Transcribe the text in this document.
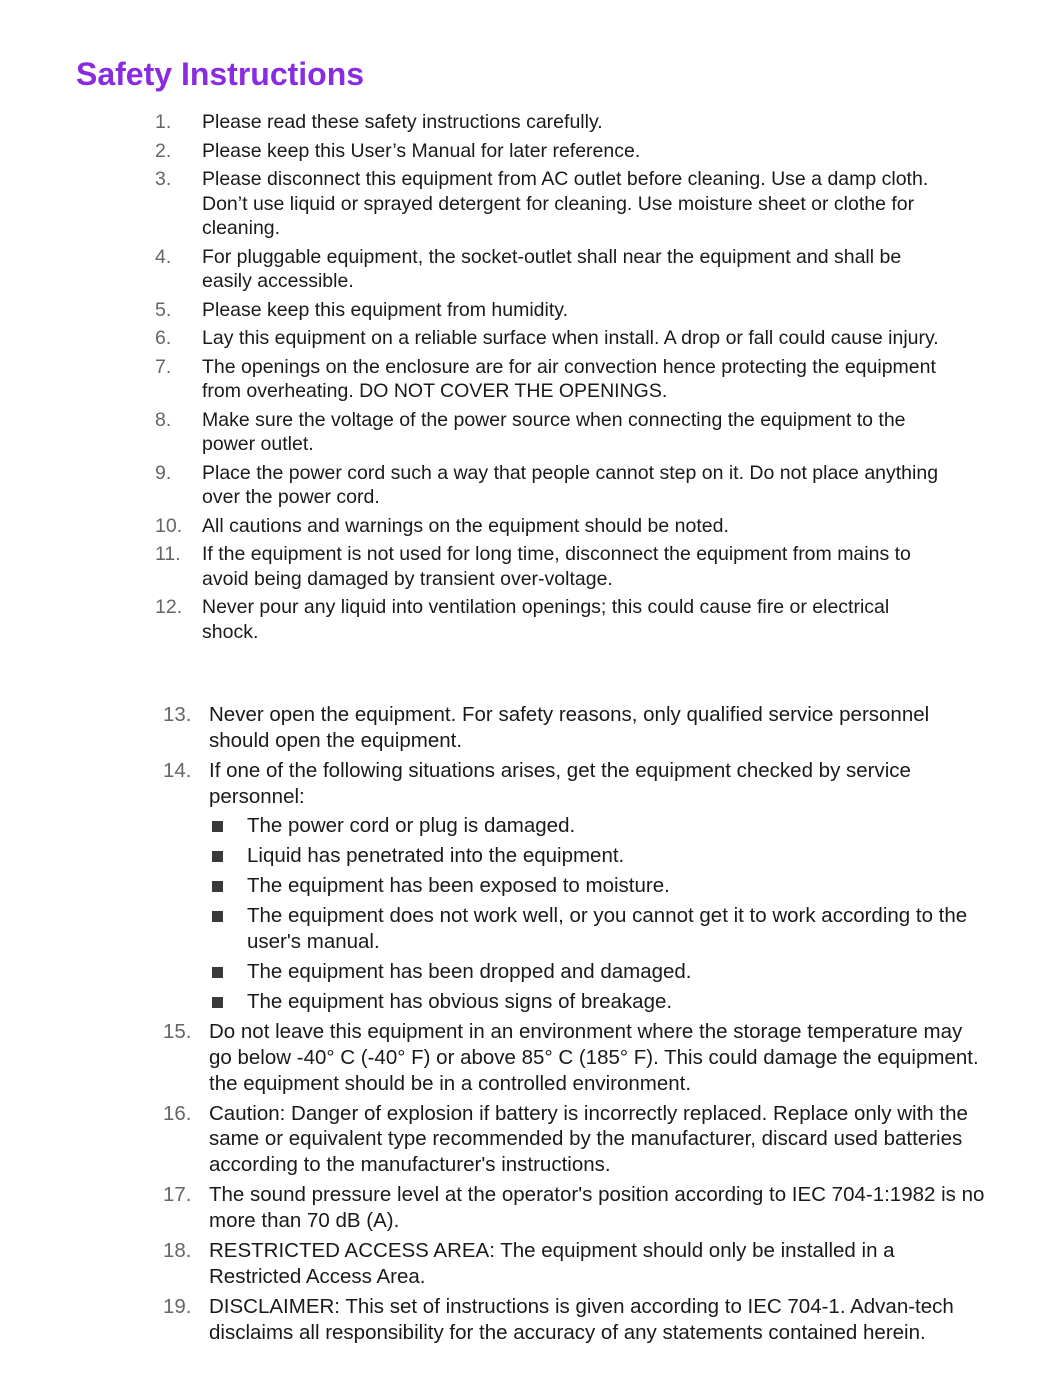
Safety Instructions
1.	Please read these safety instructions carefully.
2.	Please keep this User’s Manual for later reference.
3.	Please disconnect this equipment from AC outlet before cleaning. Use a damp cloth. Don’t use liquid or sprayed detergent for cleaning. Use moisture sheet or clothe for cleaning.
4.	For pluggable equipment, the socket-outlet shall near the equipment and shall be easily accessible.
5.	Please keep this equipment from humidity.
6.	Lay this equipment on a reliable surface when install. A drop or fall could cause injury.
7.	The openings on the enclosure are for air convection hence protecting the equipment from overheating. DO NOT COVER THE OPENINGS.
8.	Make sure the voltage of the power source when connecting the equipment to the power outlet.
9.	Place the power cord such a way that people cannot step on it. Do not place anything over the power cord.
10.	All cautions and warnings on the equipment should be noted.
11.	If the equipment is not used for long time, disconnect the equipment from mains to avoid being damaged by transient over-voltage.
12.	Never pour any liquid into ventilation openings; this could cause fire or electrical shock.
13. Never open the equipment. For safety reasons, only qualified service personnel should open the equipment.
14. If one of the following situations arises, get the equipment checked by service personnel:
The power cord or plug is damaged.
Liquid has penetrated into the equipment.
The equipment has been exposed to moisture.
The equipment does not work well, or you cannot get it to work according to the user's manual.
The equipment has been dropped and damaged.
The equipment has obvious signs of breakage.
15. Do not leave this equipment in an environment where the storage temperature may go below -40° C (-40° F) or above 85° C (185° F). This could damage the equipment. the equipment should be in a controlled environment.
16. Caution: Danger of explosion if battery is incorrectly replaced. Replace only with the same or equivalent type recommended by the manufacturer, discard used batteries according to the manufacturer's instructions.
17. The sound pressure level at the operator's position according to IEC 704-1:1982 is no more than 70 dB (A).
18. RESTRICTED ACCESS AREA: The equipment should only be installed in a Restricted Access Area.
19. DISCLAIMER: This set of instructions is given according to IEC 704-1. Advan-tech disclaims all responsibility for the accuracy of any statements contained herein.
